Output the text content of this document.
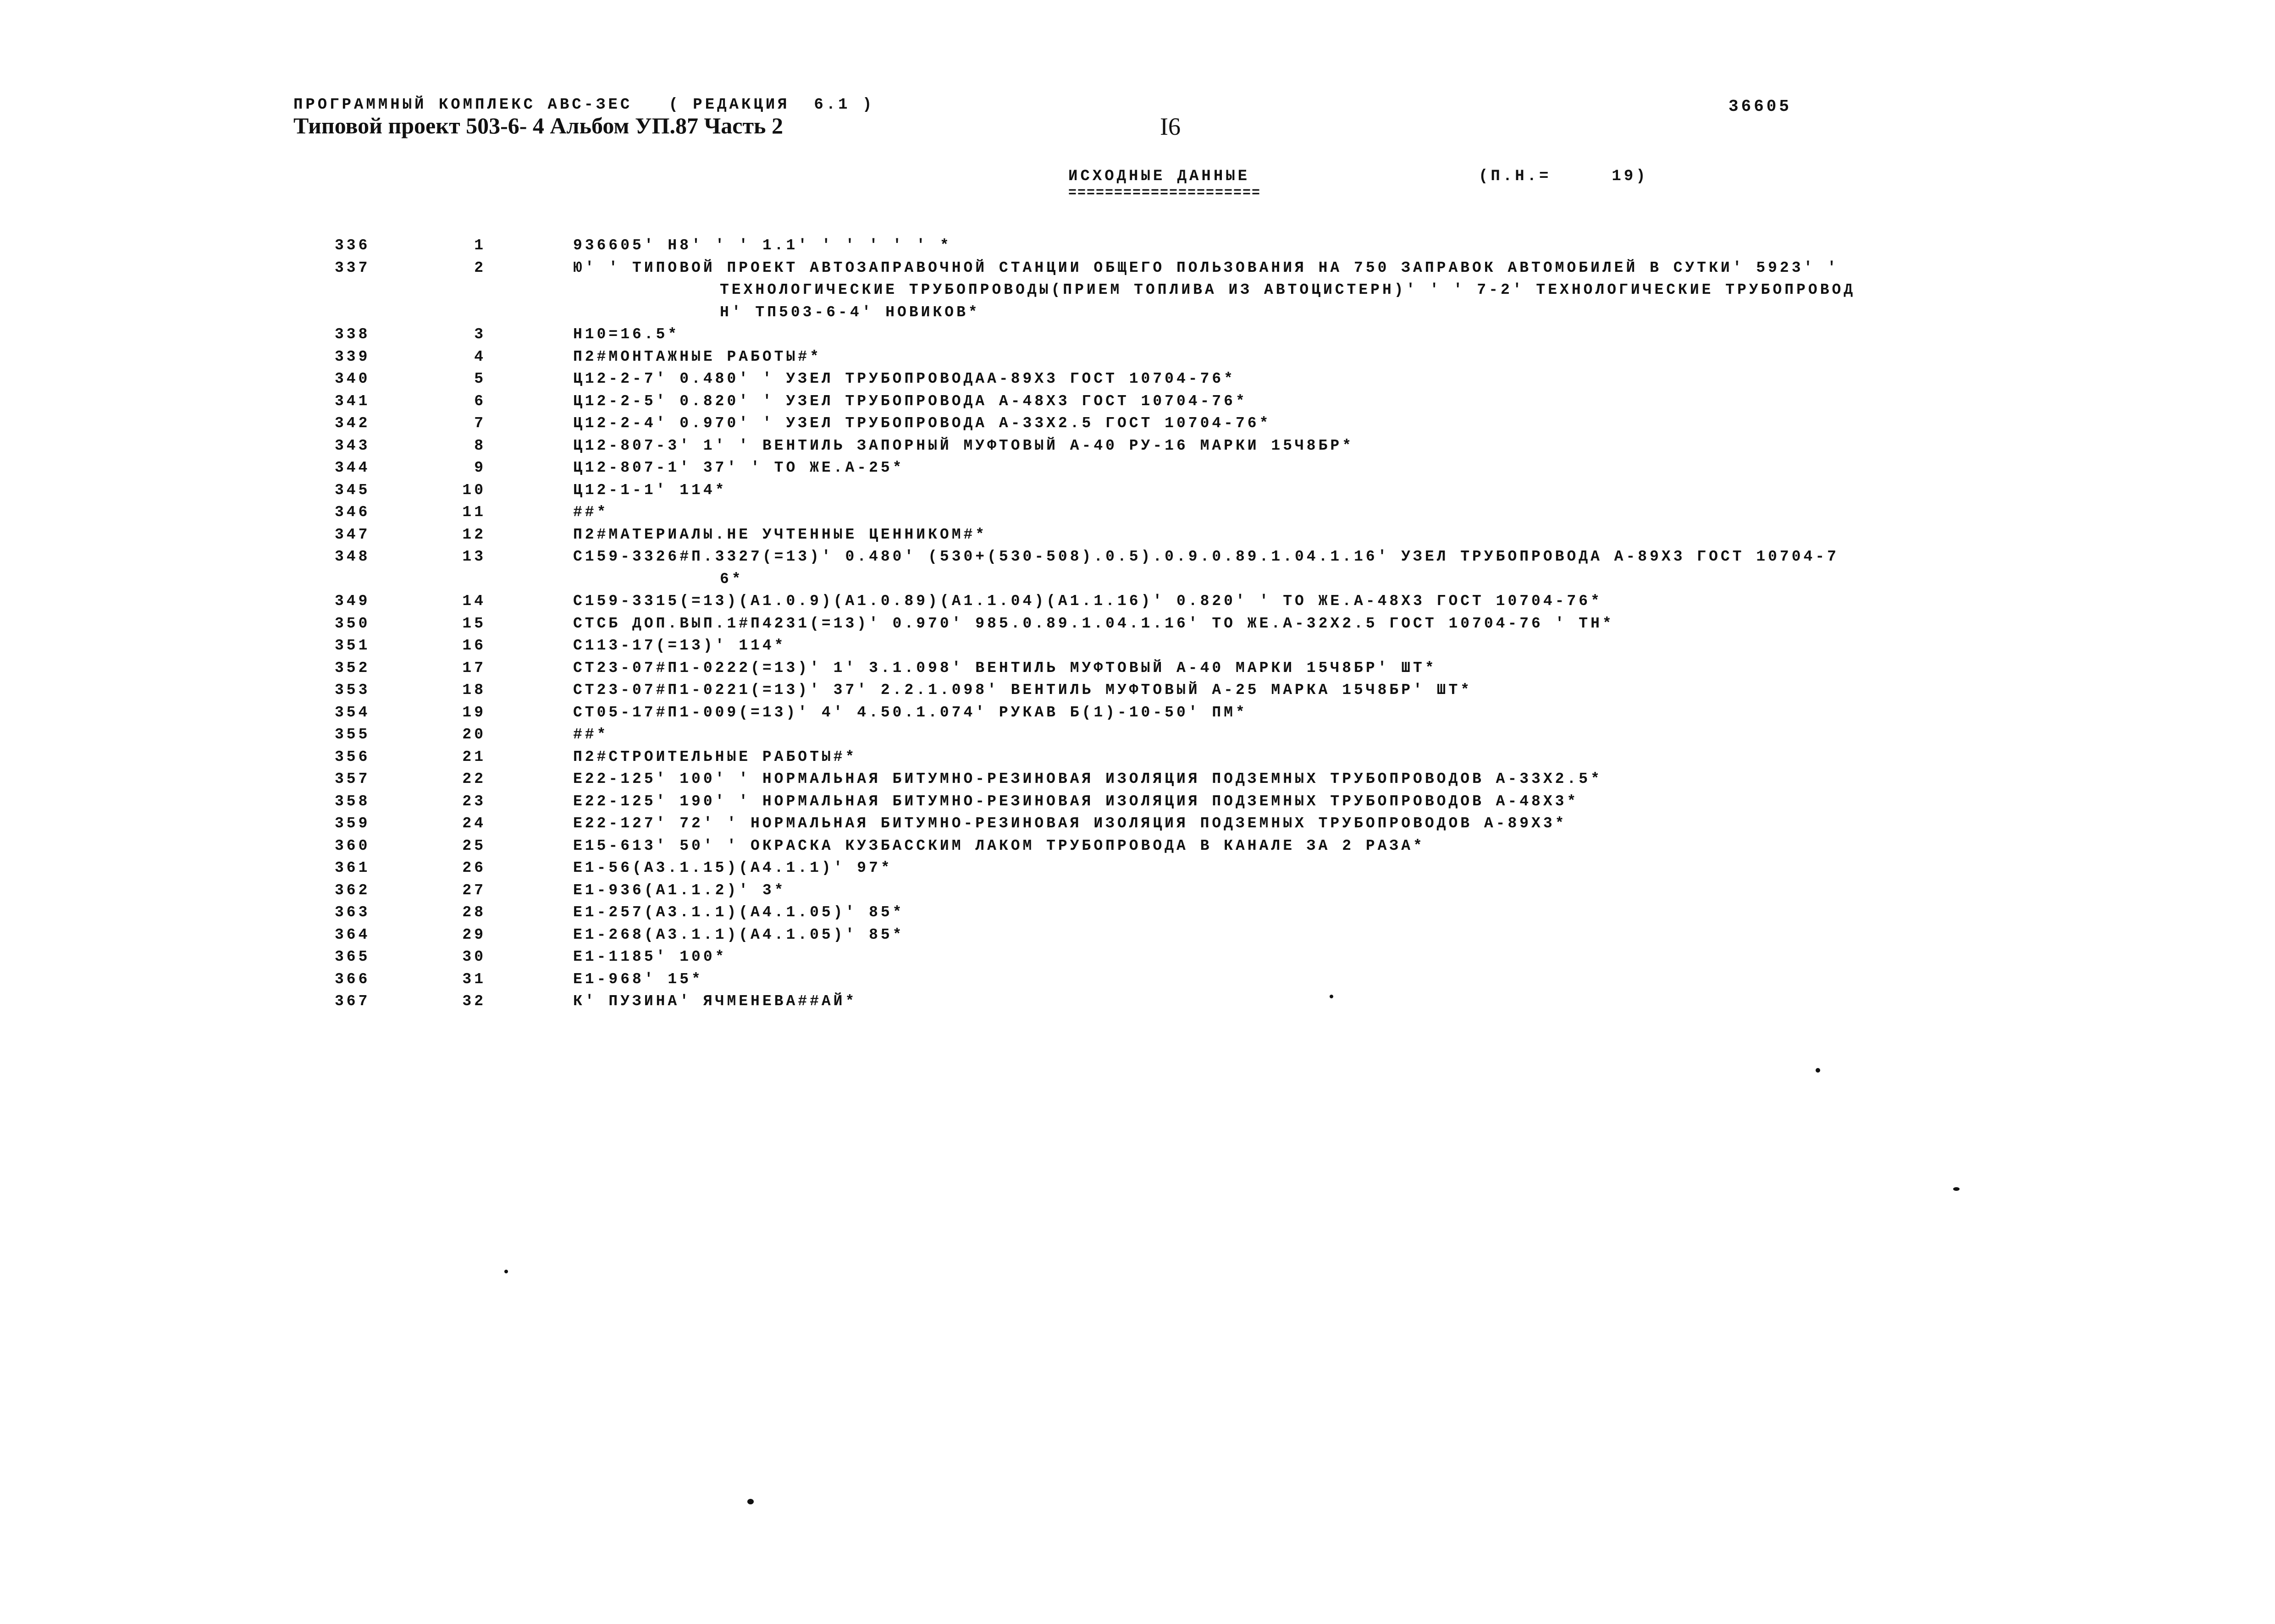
ПРОГРАММНЫЙ КОМПЛЕКС АВС-ЗЕС   ( РЕДАКЦИЯ  6.1 )
Типовой проект 503-6- 4 Альбом УП.87 Часть 2	I6
36605
ИСХОДНЫЕ ДАННЫЕ
=====================
(П.Н.=     19)
336	1	936605' Н8' ' ' 1.1' ' ' ' ' ' *
337	2	Ю' ' ТИПОВОЙ ПРОЕКТ АВТОЗАПРАВОЧНОЙ СТАНЦИИ ОБЩЕГО ПОЛЬЗОВАНИЯ НА 750 ЗАПРАВОК АВТОМОБИЛЕЙ В СУТКИ' 5923' '
ТЕХНОЛОГИЧЕСКИЕ ТРУБОПРОВОДЫ(ПРИЕМ ТОПЛИВА ИЗ АВТОЦИСТЕРН)' ' ' 7-2' ТЕХНОЛОГИЧЕСКИЕ ТРУБОПРОВОД
Н' ТП503-6-4' НОВИКОВ*
338	3	Н10=16.5*
339	4	П2#МОНТАЖНЫЕ РАБОТЫ#*
340	5	Ц12-2-7' 0.480' ' УЗЕЛ ТРУБОПРОВОДАА-89Х3 ГОСТ 10704-76*
341	6	Ц12-2-5' 0.820' ' УЗЕЛ ТРУБОПРОВОДА А-48Х3 ГОСТ 10704-76*
342	7	Ц12-2-4' 0.970' ' УЗЕЛ ТРУБОПРОВОДА А-33Х2.5 ГОСТ 10704-76*
343	8	Ц12-807-3' 1' ' ВЕНТИЛЬ ЗАПОРНЫЙ МУФТОВЫЙ А-40 РУ-16 МАРКИ 15Ч8БР*
344	9	Ц12-807-1' 37' ' ТО ЖЕ.А-25*
345	10	Ц12-1-1' 114*
346	11	##*
347	12	П2#МАТЕРИАЛЫ.НЕ УЧТЕННЫЕ ЦЕННИКОМ#*
348	13	С159-3326#П.3327(=13)' 0.480' (530+(530-508).0.5).0.9.0.89.1.04.1.16' УЗЕЛ ТРУБОПРОВОДА А-89Х3 ГОСТ 10704-7
6*
349	14	С159-3315(=13)(А1.0.9)(А1.0.89)(А1.1.04)(А1.1.16)' 0.820' ' ТО ЖЕ.А-48Х3 ГОСТ 10704-76*
350	15	СТСБ ДОП.ВЫП.1#П4231(=13)' 0.970' 985.0.89.1.04.1.16' ТО ЖЕ.А-32Х2.5 ГОСТ 10704-76 ' ТН*
351	16	С113-17(=13)' 114*
352	17	СТ23-07#П1-0222(=13)' 1' 3.1.098' ВЕНТИЛЬ МУФТОВЫЙ А-40 МАРКИ 15Ч8БР' ШТ*
353	18	СТ23-07#П1-0221(=13)' 37' 2.2.1.098' ВЕНТИЛЬ МУФТОВЫЙ А-25 МАРКА 15Ч8БР' ШТ*
354	19	СТ05-17#П1-009(=13)' 4' 4.50.1.074' РУКАВ Б(1)-10-50' ПМ*
355	20	##*
356	21	П2#СТРОИТЕЛЬНЫЕ РАБОТЫ#*
357	22	Е22-125' 100' ' НОРМАЛЬНАЯ БИТУМНО-РЕЗИНОВАЯ ИЗОЛЯЦИЯ ПОДЗЕМНЫХ ТРУБОПРОВОДОВ А-33Х2.5*
358	23	Е22-125' 190' ' НОРМАЛЬНАЯ БИТУМНО-РЕЗИНОВАЯ ИЗОЛЯЦИЯ ПОДЗЕМНЫХ ТРУБОПРОВОДОВ А-48Х3*
359	24	Е22-127' 72' ' НОРМАЛЬНАЯ БИТУМНО-РЕЗИНОВАЯ ИЗОЛЯЦИЯ ПОДЗЕМНЫХ ТРУБОПРОВОДОВ А-89Х3*
360	25	Е15-613' 50' ' ОКРАСКА КУЗБАССКИМ ЛАКОМ ТРУБОПРОВОДА В КАНАЛЕ ЗА 2 РАЗА*
361	26	Е1-56(А3.1.15)(А4.1.1)' 97*
362	27	Е1-936(А1.1.2)' 3*
363	28	Е1-257(А3.1.1)(А4.1.05)' 85*
364	29	Е1-268(А3.1.1)(А4.1.05)' 85*
365	30	Е1-1185' 100*
366	31	Е1-968' 15*
367	32	К' ПУЗИНА' ЯЧМЕНЕВА##АЙ*
